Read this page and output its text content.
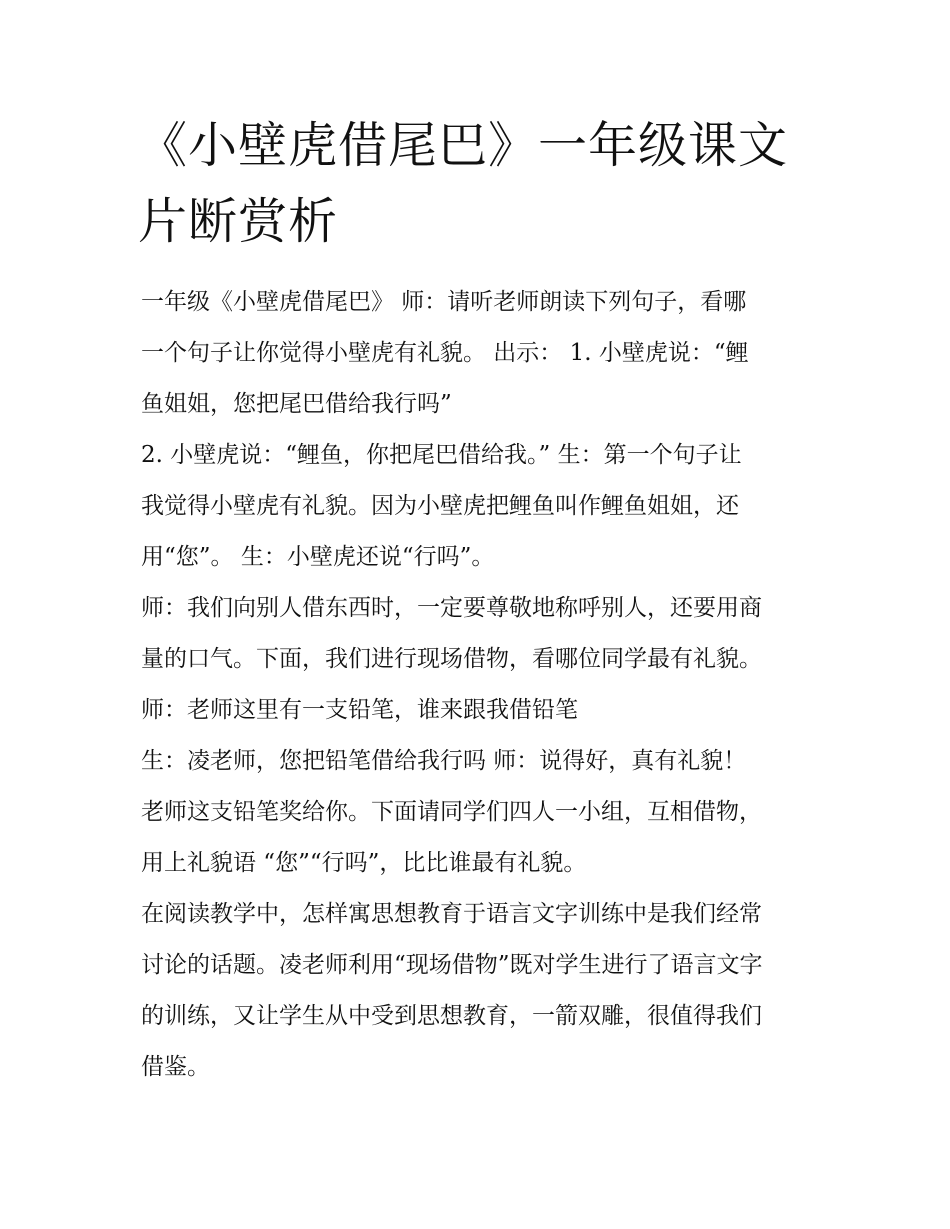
《小壁虎借尾巴》一年级课文
片断赏析
一年级《小壁虎借尾巴》 师：请听老师朗读下列句子，看哪
一个句子让你觉得小壁虎有礼貌。 出示： 1. 小壁虎说：“鲤
鱼姐姐，您把尾巴借给我行吗”
2. 小壁虎说：“鲤鱼，你把尾巴借给我。” 生：第一个句子让
我觉得小壁虎有礼貌。因为小壁虎把鲤鱼叫作鲤鱼姐姐，还
用“您”。 生：小壁虎还说“行吗”。
师：我们向别人借东西时，一定要尊敬地称呼别人，还要用商
量的口气。下面，我们进行现场借物，看哪位同学最有礼貌。
师：老师这里有一支铅笔，谁来跟我借铅笔
生：凌老师，您把铅笔借给我行吗 师：说得好，真有礼貌！
老师这支铅笔奖给你。下面请同学们四人一小组，互相借物，
用上礼貌语 “您”“行吗”，比比谁最有礼貌。
在阅读教学中，怎样寓思想教育于语言文字训练中是我们经常
讨论的话题。凌老师利用“现场借物”既对学生进行了语言文字
的训练，又让学生从中受到思想教育，一箭双雕，很值得我们
借鉴。
